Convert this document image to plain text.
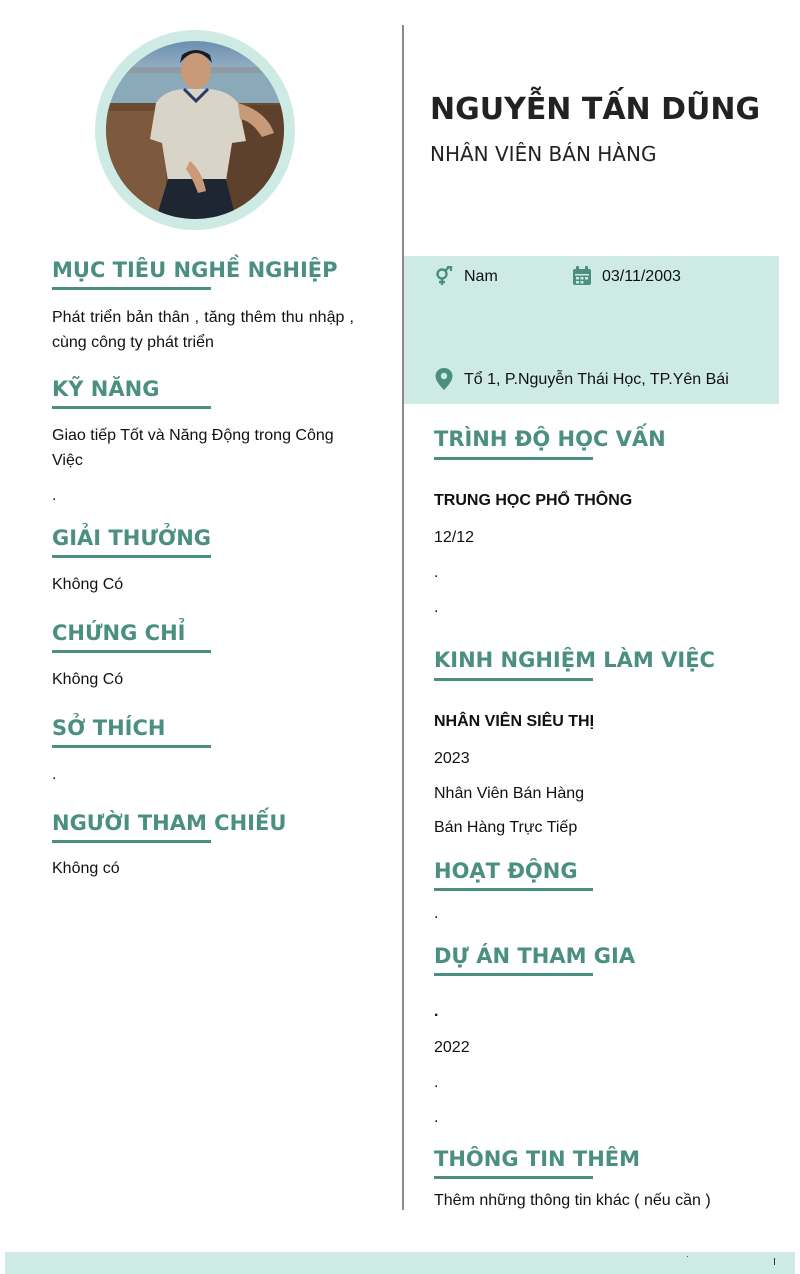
NGUYỄN TẤN DŨNG
NHÂN VIÊN BÁN HÀNG
Nam	03/11/2003
Tổ 1, P.Nguyễn Thái Học, TP.Yên Bái
MỤC TIÊU NGHỀ NGHIỆP
Phát triển bản thân , tăng thêm thu nhập , cùng công ty phát triển
KỸ NĂNG
Giao tiếp Tốt và Năng Động trong Công
Việc
.
GIẢI THƯỞNG
Không Có
CHỨNG CHỈ
Không Có
SỞ THÍCH
.
NGƯỜI THAM CHIẾU
Không có
TRÌNH ĐỘ HỌC VẤN
TRUNG HỌC PHỔ THÔNG
12/12
.
.
KINH NGHIỆM LÀM VIỆC
NHÂN VIÊN SIÊU THỊ
2023
Nhân Viên Bán Hàng
Bán Hàng Trực Tiếp
HOẠT ĐỘNG
.
DỰ ÁN THAM GIA
.
2022
.
.
THÔNG TIN THÊM
Thêm những thông tin khác ( nếu cần )
